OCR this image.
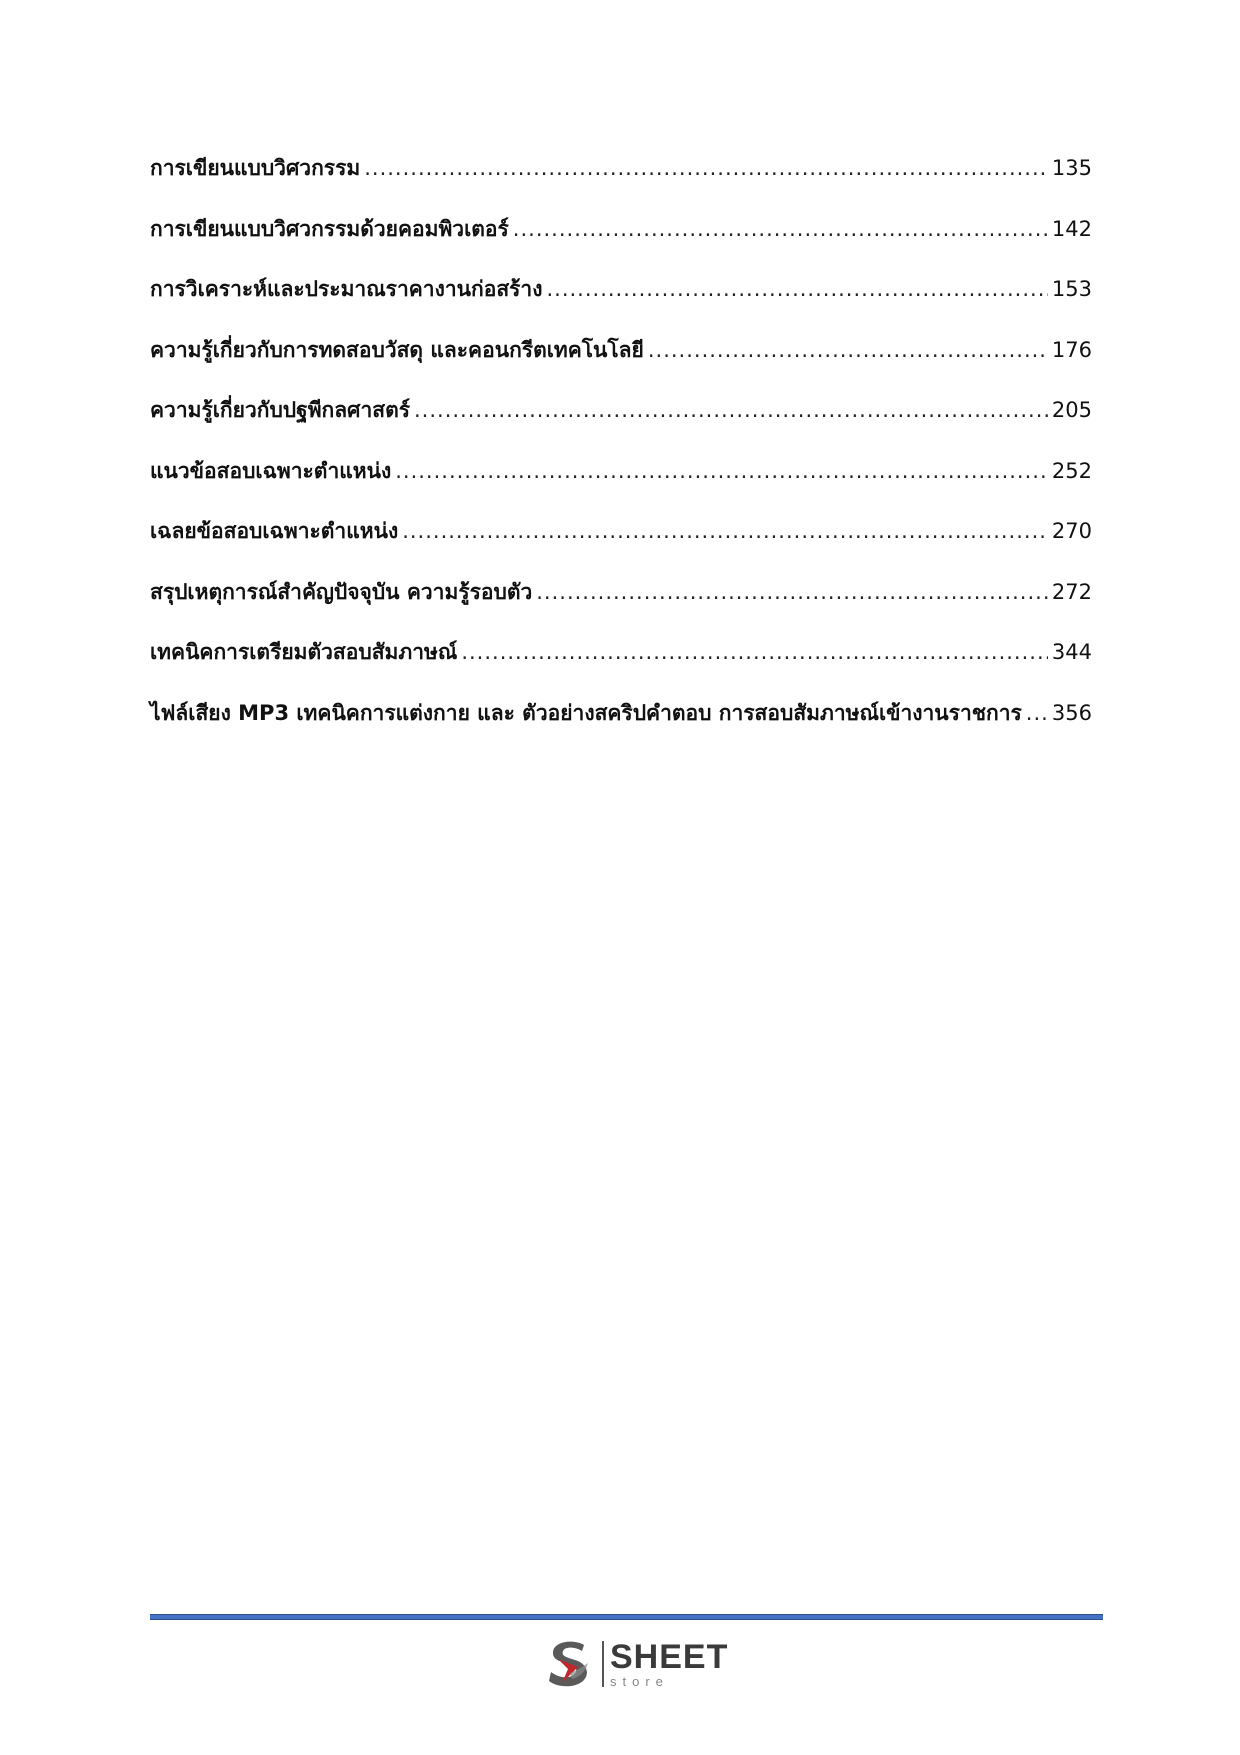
การเขียนแบบวิศวกรรม .....	135
การเขียนแบบวิศวกรรมด้วยคอมพิวเตอร์ .....	142
การวิเคราะห์และประมาณราคางานก่อสร้าง .....	153
ความรู้เกี่ยวกับการทดสอบวัสดุ และคอนกรีตเทคโนโลยี .....	176
ความรู้เกี่ยวกับปฐพีกลศาสตร์ .....	205
แนวข้อสอบเฉพาะตำแหน่ง .....	252
เฉลยข้อสอบเฉพาะตำแหน่ง .....	270
สรุปเหตุการณ์สำคัญปัจจุบัน ความรู้รอบตัว .....	272
เทคนิคการเตรียมตัวสอบสัมภาษณ์ .....	344
ไฟล์เสียง MP3 เทคนิคการแต่งกาย และ ตัวอย่างสคริปคำตอบ การสอบสัมภาษณ์เข้างานราชการ ..... 356
SHEET
store
